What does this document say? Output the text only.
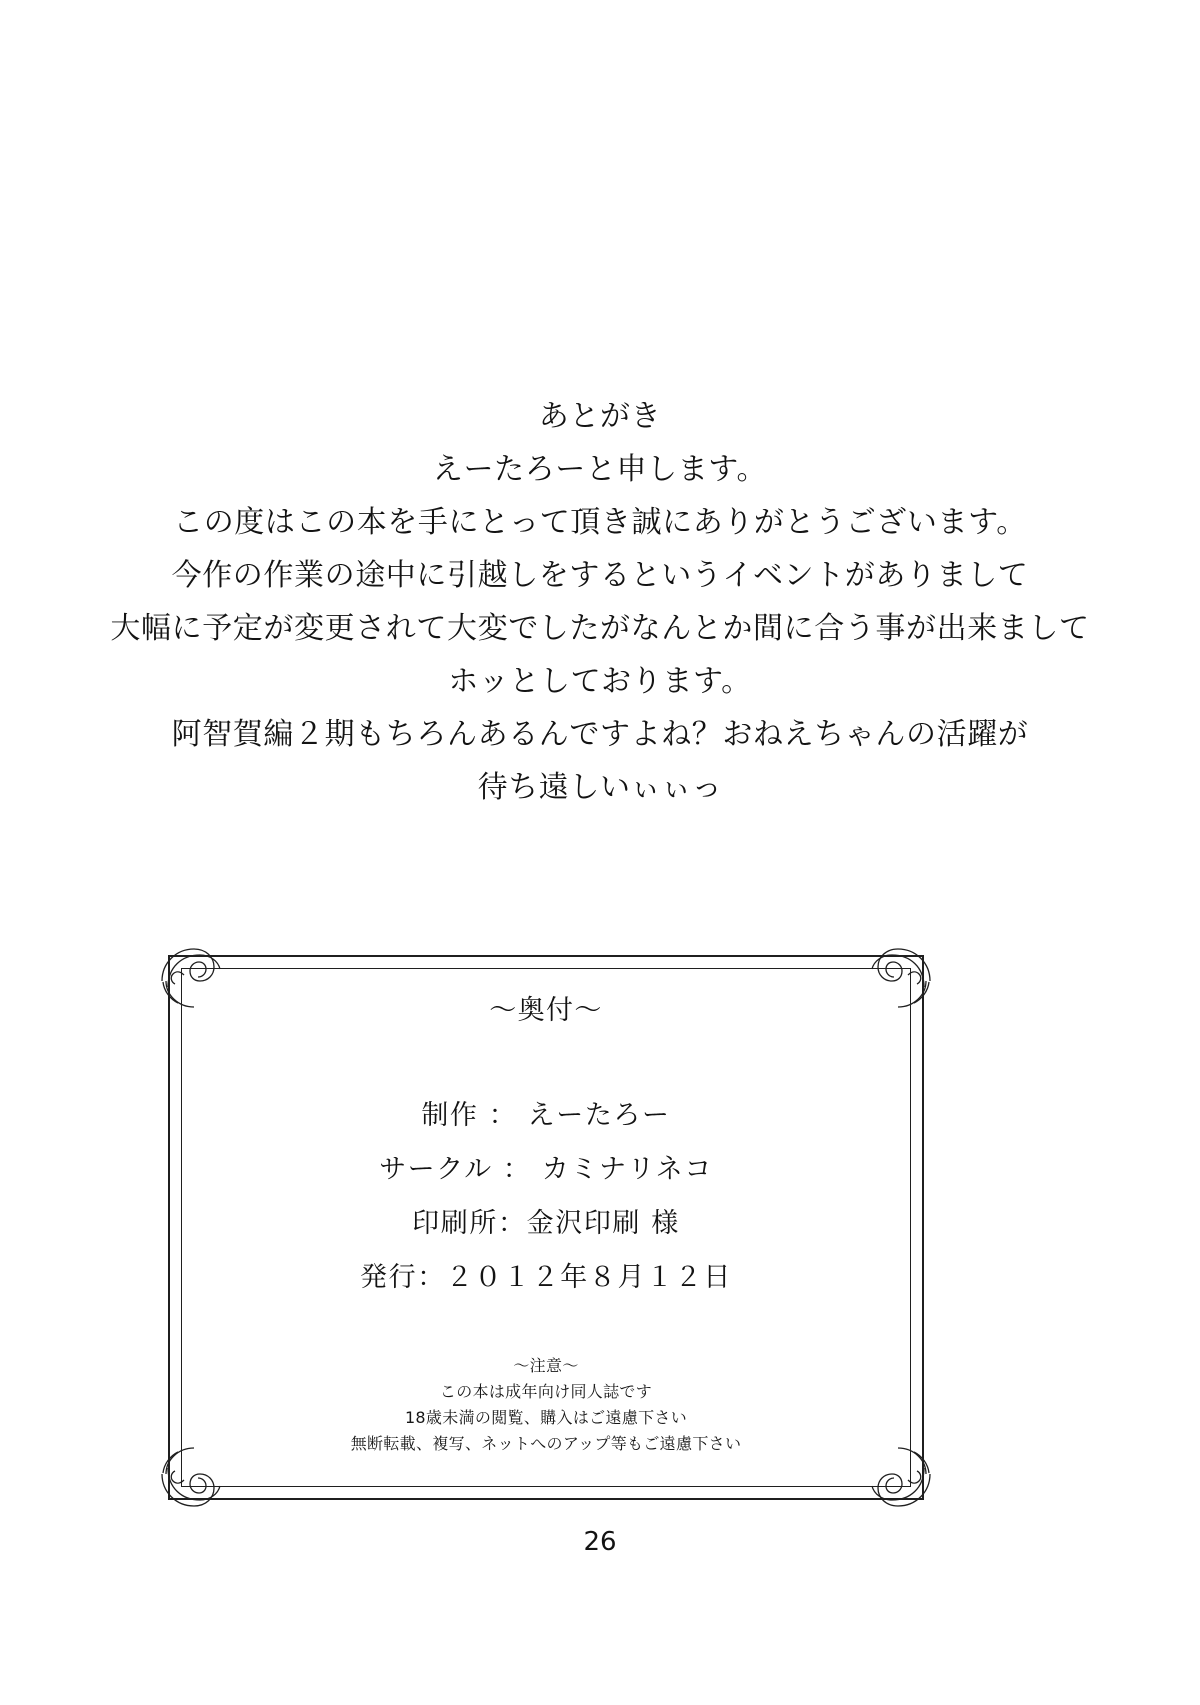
あとがき
えーたろーと申します。
この度はこの本を手にとって頂き誠にありがとうございます。
今作の作業の途中に引越しをするというイベントがありまして
大幅に予定が変更されて大変でしたがなんとか間に合う事が出来まして
ホッとしております。
阿智賀編２期もちろんあるんですよね？おねえちゃんの活躍が
待ち遠しいぃぃっ
〜奥付〜
制作 ： えーたろー
サークル ： カミナリネコ
印刷所：金沢印刷 様
発行：２０１２年８月１２日
〜注意〜
この本は成年向け同人誌です
18歳未満の閲覧、購入はご遠慮下さい
無断転載、複写、ネットへのアップ等もご遠慮下さい
26
